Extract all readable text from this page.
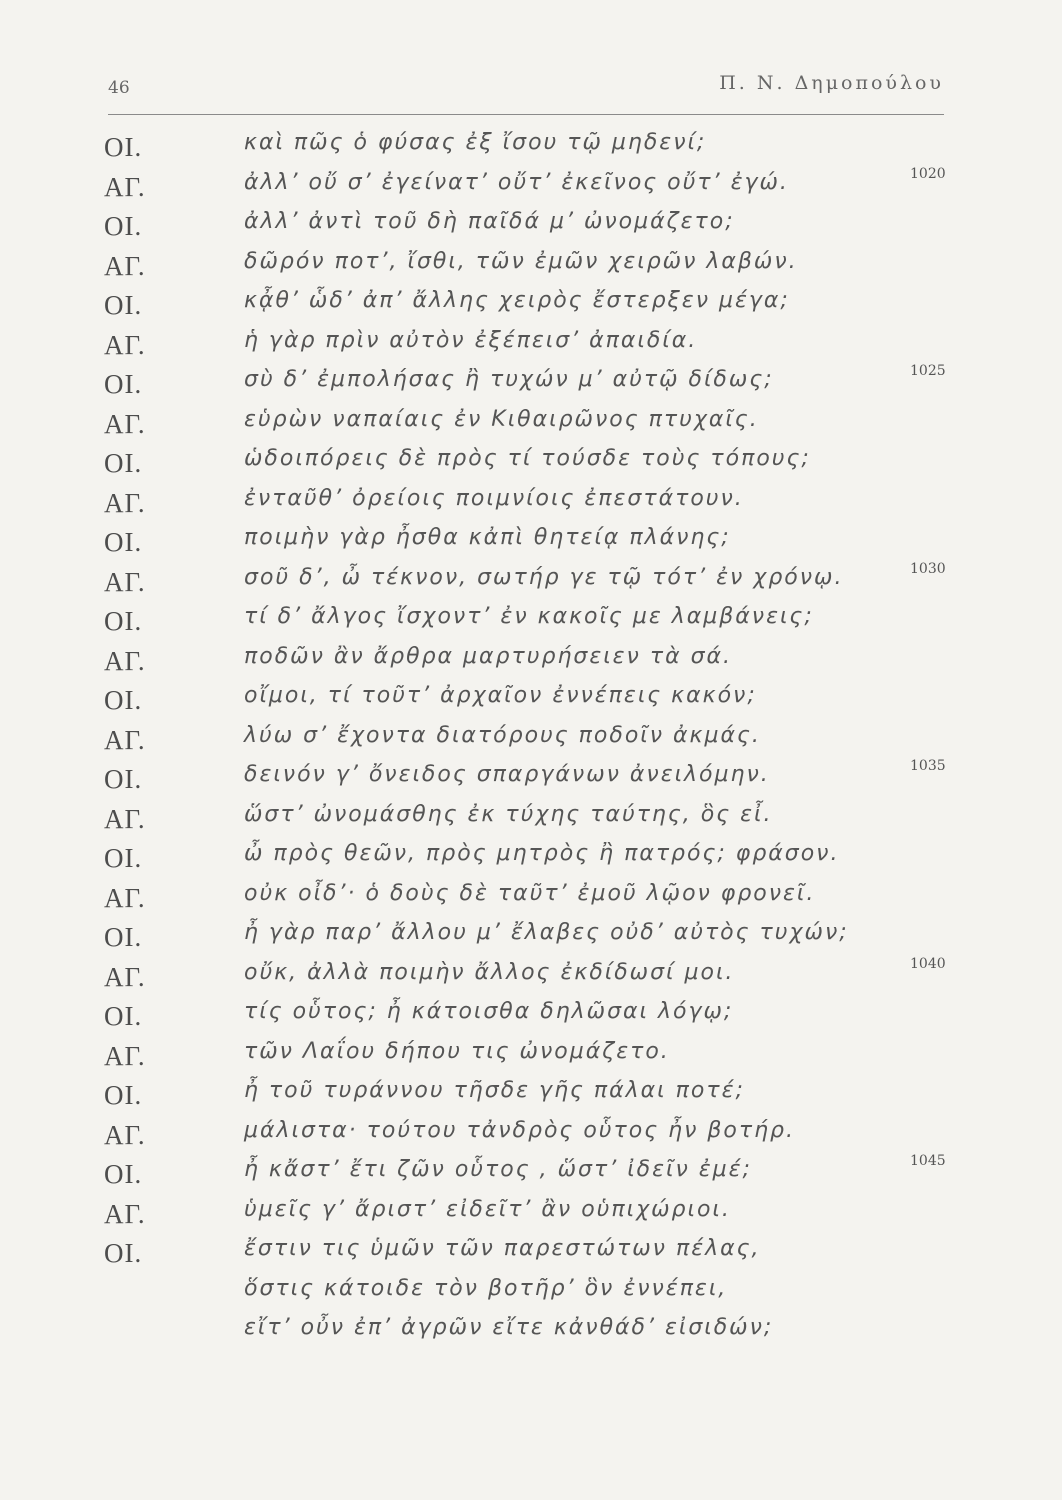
46	Π. Ν. Δημοπούλου
ΟΙ.	καὶ πῶς ὁ φύσας ἐξ ἴσου τῷ μηδενί;
ΑΓ.	ἀλλ’ οὔ σ’ ἐγείνατ’ οὔτ’ ἐκεῖνος οὔτ’ ἐγώ.	1020
ΟΙ.	ἀλλ’ ἀντὶ τοῦ δὴ παῖδά μ’ ὠνομάζετο;
ΑΓ.	δῶρόν ποτ’, ἴσθι, τῶν ἐμῶν χειρῶν λαβών.
ΟΙ.	κᾆθ’ ὧδ’ ἀπ’ ἄλλης χειρὸς ἔστερξεν μέγα;
ΑΓ.	ἡ γὰρ πρὶν αὐτὸν ἐξέπεισ’ ἀπαιδία.
ΟΙ.	σὺ δ’ ἐμπολήσας ἢ τυχών μ’ αὐτῷ δίδως;	1025
ΑΓ.	εὑρὼν ναπαίαις ἐν Κιθαιρῶνος πτυχαῖς.
ΟΙ.	ὡδοιπόρεις δὲ πρὸς τί τούσδε τοὺς τόπους;
ΑΓ.	ἐνταῦθ’ ὀρείοις ποιμνίοις ἐπεστάτουν.
ΟΙ.	ποιμὴν γὰρ ἦσθα κἀπὶ θητείᾳ πλάνης;
ΑΓ.	σοῦ δ’, ὦ τέκνον, σωτήρ γε τῷ τότ’ ἐν χρόνῳ.	1030
ΟΙ.	τί δ’ ἄλγος ἴσχοντ’ ἐν κακοῖς με λαμβάνεις;
ΑΓ.	ποδῶν ἂν ἄρθρα μαρτυρήσειεν τὰ σά.
ΟΙ.	οἴμοι, τί τοῦτ’ ἀρχαῖον ἐννέπεις κακόν;
ΑΓ.	λύω σ’ ἔχοντα διατόρους ποδοῖν ἀκμάς.
ΟΙ.	δεινόν γ’ ὄνειδος σπαργάνων ἀνειλόμην.	1035
ΑΓ.	ὥστ’ ὠνομάσθης ἐκ τύχης ταύτης, ὃς εἶ.
ΟΙ.	ὦ πρὸς θεῶν, πρὸς μητρὸς ἢ πατρός; φράσον.
ΑΓ.	οὐκ οἶδ’· ὁ δοὺς δὲ ταῦτ’ ἐμοῦ λῷον φρονεῖ.
ΟΙ.	ἦ γὰρ παρ’ ἄλλου μ’ ἔλαβες οὐδ’ αὐτὸς τυχών;
ΑΓ.	οὔκ, ἀλλὰ ποιμὴν ἄλλος ἐκδίδωσί μοι.	1040
ΟΙ.	τίς οὗτος; ἦ κάτοισθα δηλῶσαι λόγῳ;
ΑΓ.	τῶν Λαΐου δήπου τις ὠνομάζετο.
ΟΙ.	ἦ τοῦ τυράννου τῆσδε γῆς πάλαι ποτέ;
ΑΓ.	μάλιστα· τούτου τἀνδρὸς οὗτος ἦν βοτήρ.
ΟΙ.	ἦ κἄστ’ ἔτι ζῶν οὗτος , ὥστ’ ἰδεῖν ἐμέ;	1045
ΑΓ.	ὑμεῖς γ’ ἄριστ’ εἰδεῖτ’ ἂν οὑπιχώριοι.
ΟΙ.	ἔστιν τις ὑμῶν τῶν παρεστώτων πέλας,
ὅστις κάτοιδε τὸν βοτῆρ’ ὃν ἐννέπει,
εἴτ’ οὖν ἐπ’ ἀγρῶν εἴτε κἀνθάδ’ εἰσιδών;
